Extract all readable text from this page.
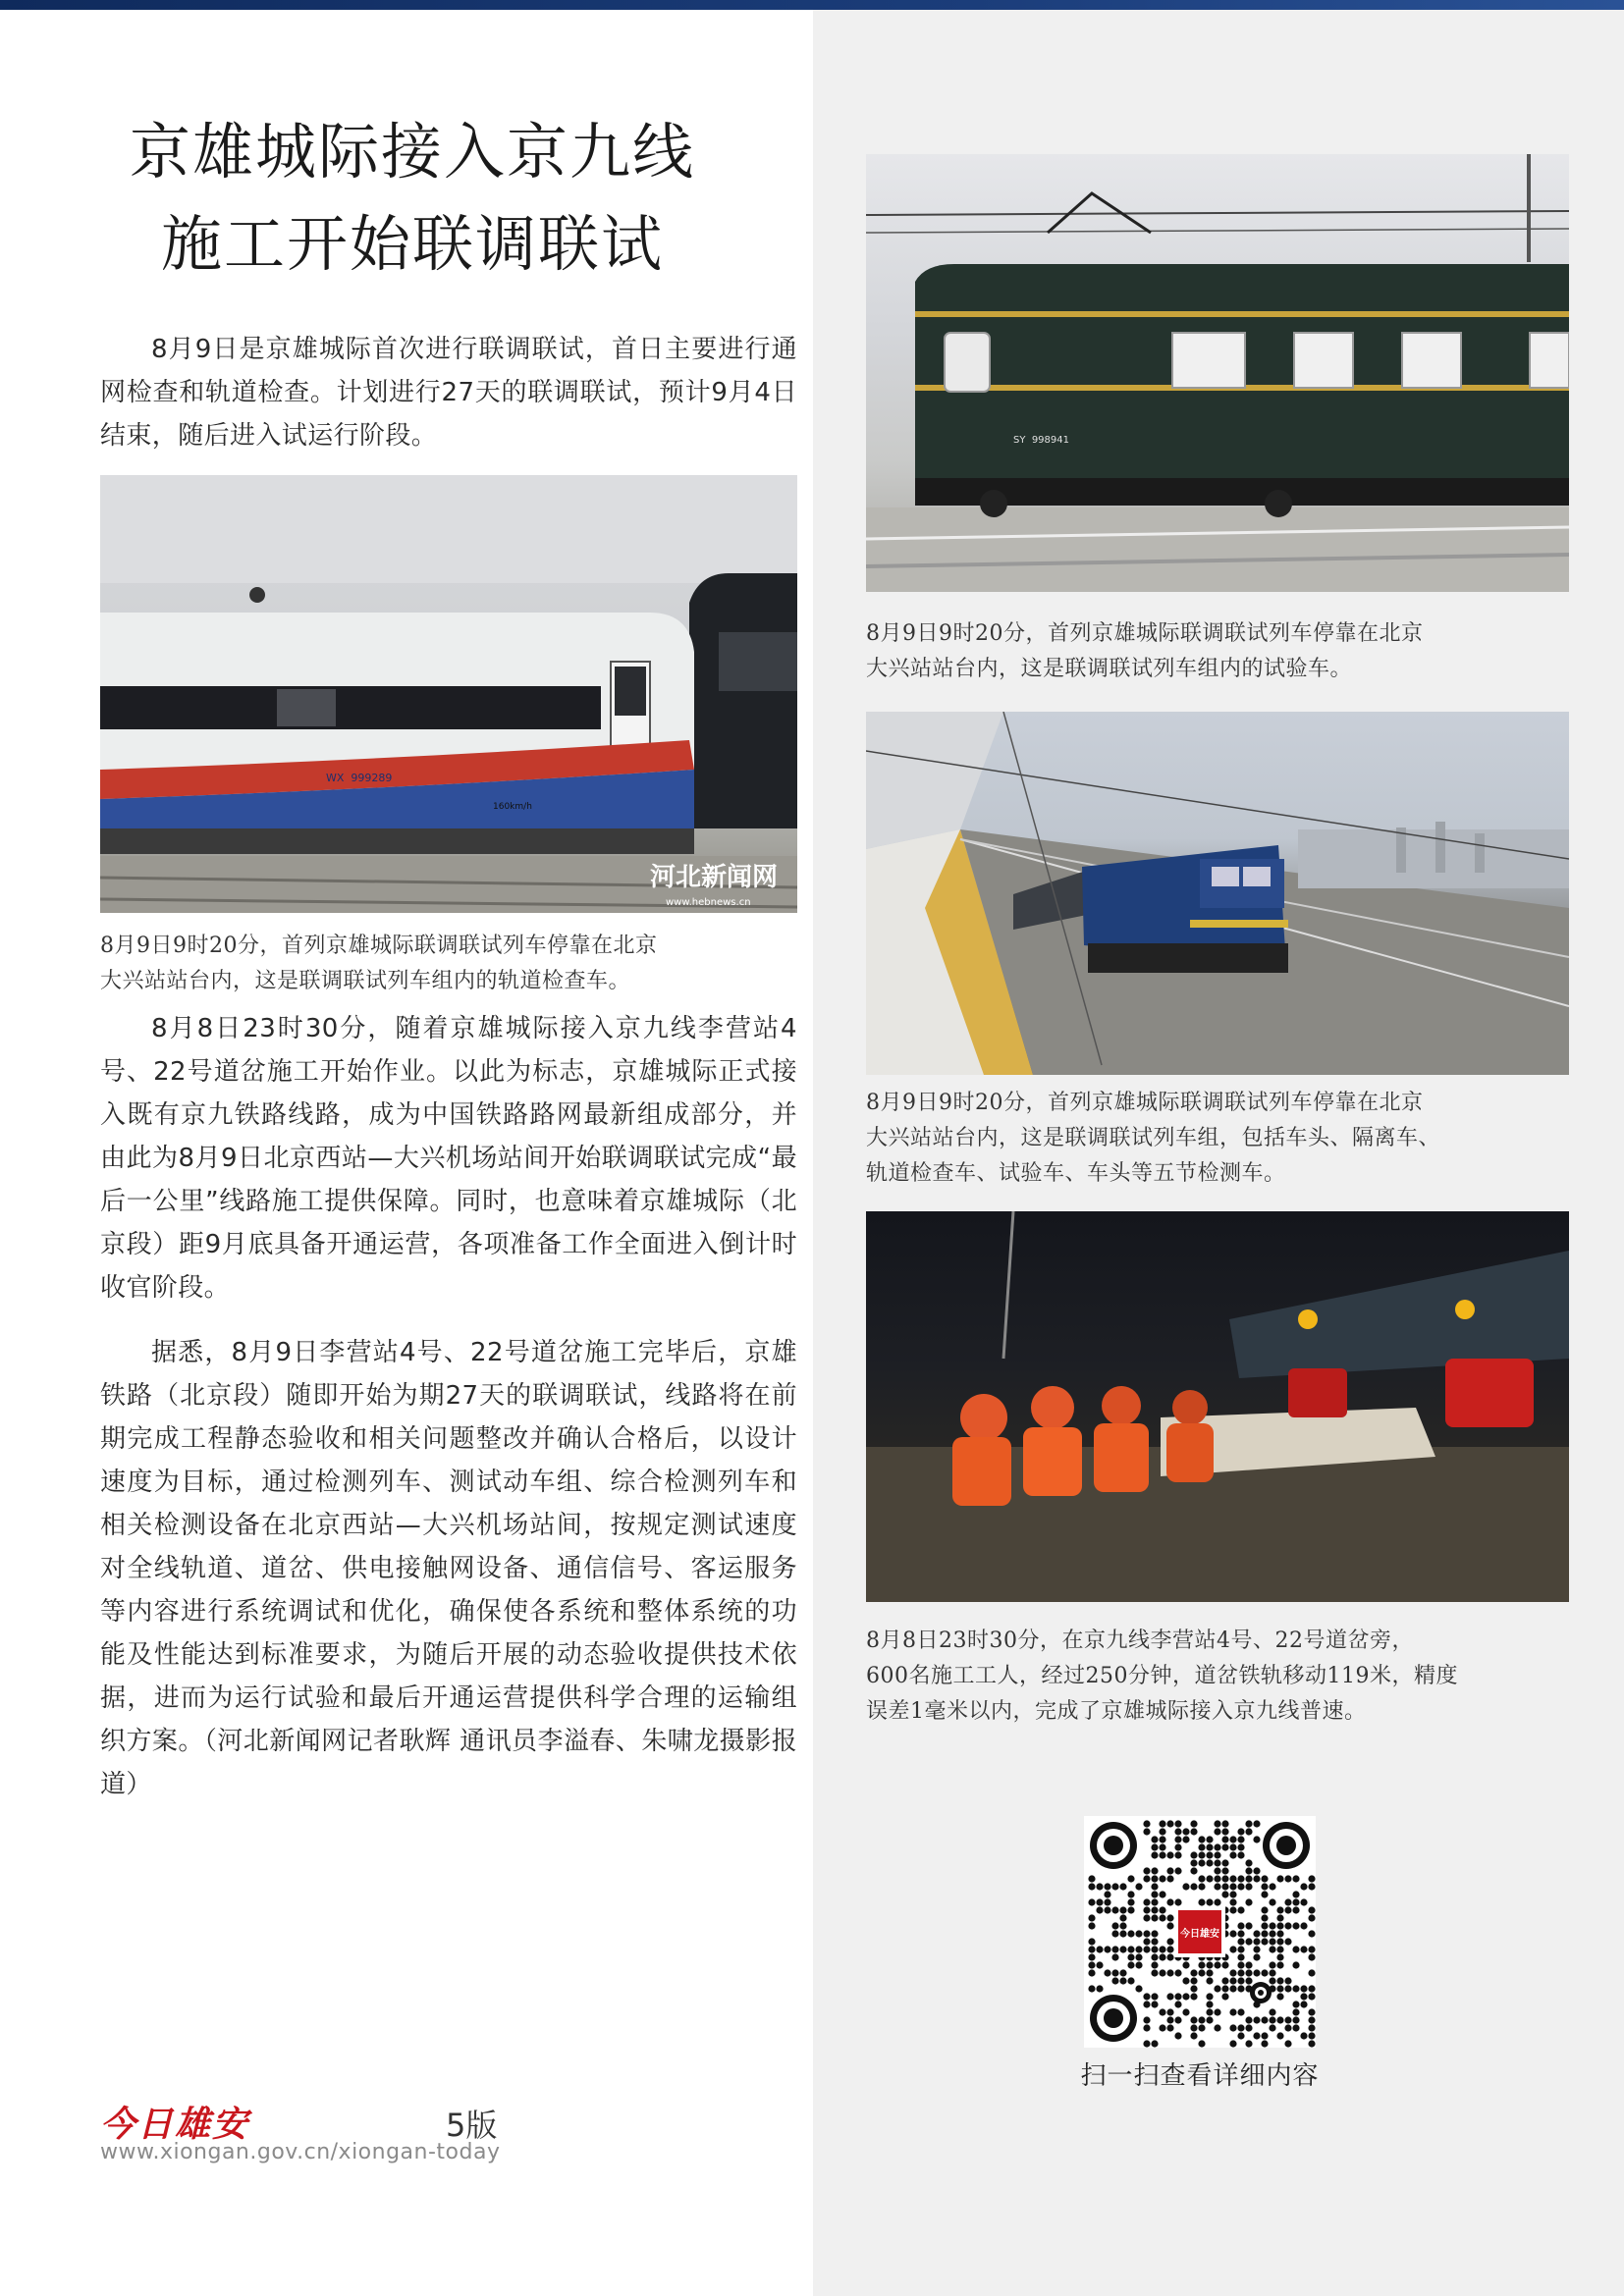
京雄城际接入京九线
施工开始联调联试

8月9日是京雄城际首次进行联调联试，首日主要进行通网检查和轨道检查。计划进行27天的联调联试，预计9月4日结束，随后进入试运行阶段。

WX  999289
160km/h
河北新闻网
www.hebnews.cn
8月9日9时20分，首列京雄城际联调联试列车停靠在北京
大兴站站台内，这是联调联试列车组内的轨道检查车。

8月8日23时30分，随着京雄城际接入京九线李营站4号、22号道岔施工开始作业。以此为标志，京雄城际正式接入既有京九铁路线路，成为中国铁路路网最新组成部分，并由此为8月9日北京西站—大兴机场站间开始联调联试完成“最后一公里”线路施工提供保障。同时，也意味着京雄城际（北京段）距9月底具备开通运营，各项准备工作全面进入倒计时收官阶段。

据悉，8月9日李营站4号、22号道岔施工完毕后，京雄铁路（北京段）随即开始为期27天的联调联试，线路将在前期完成工程静态验收和相关问题整改并确认合格后，以设计速度为目标，通过检测列车、测试动车组、综合检测列车和相关检测设备在北京西站—大兴机场站间，按规定测试速度对全线轨道、道岔、供电接触网设备、通信信号、客运服务等内容进行系统调试和优化，确保使各系统和整体系统的功能及性能达到标准要求，为随后开展的动态验收提供技术依据，进而为运行试验和最后开通运营提供科学合理的运输组织方案。（河北新闻网记者耿辉 通讯员李溢春、朱啸龙摄影报道）

SY  998941
8月9日9时20分，首列京雄城际联调联试列车停靠在北京
大兴站站台内，这是联调联试列车组内的试验车。
8月9日9时20分，首列京雄城际联调联试列车停靠在北京
大兴站站台内，这是联调联试列车组，包括车头、隔离车、
轨道检查车、试验车、车头等五节检测车。
8月8日23时30分，在京九线李营站4号、22号道岔旁，
600名施工工人，经过250分钟，道岔铁轨移动119米，精度
误差1毫米以内，完成了京雄城际接入京九线普速。
今日雄安
扫一扫查看详细内容
今日雄安	5版
www.xiongan.gov.cn/xiongan-today
